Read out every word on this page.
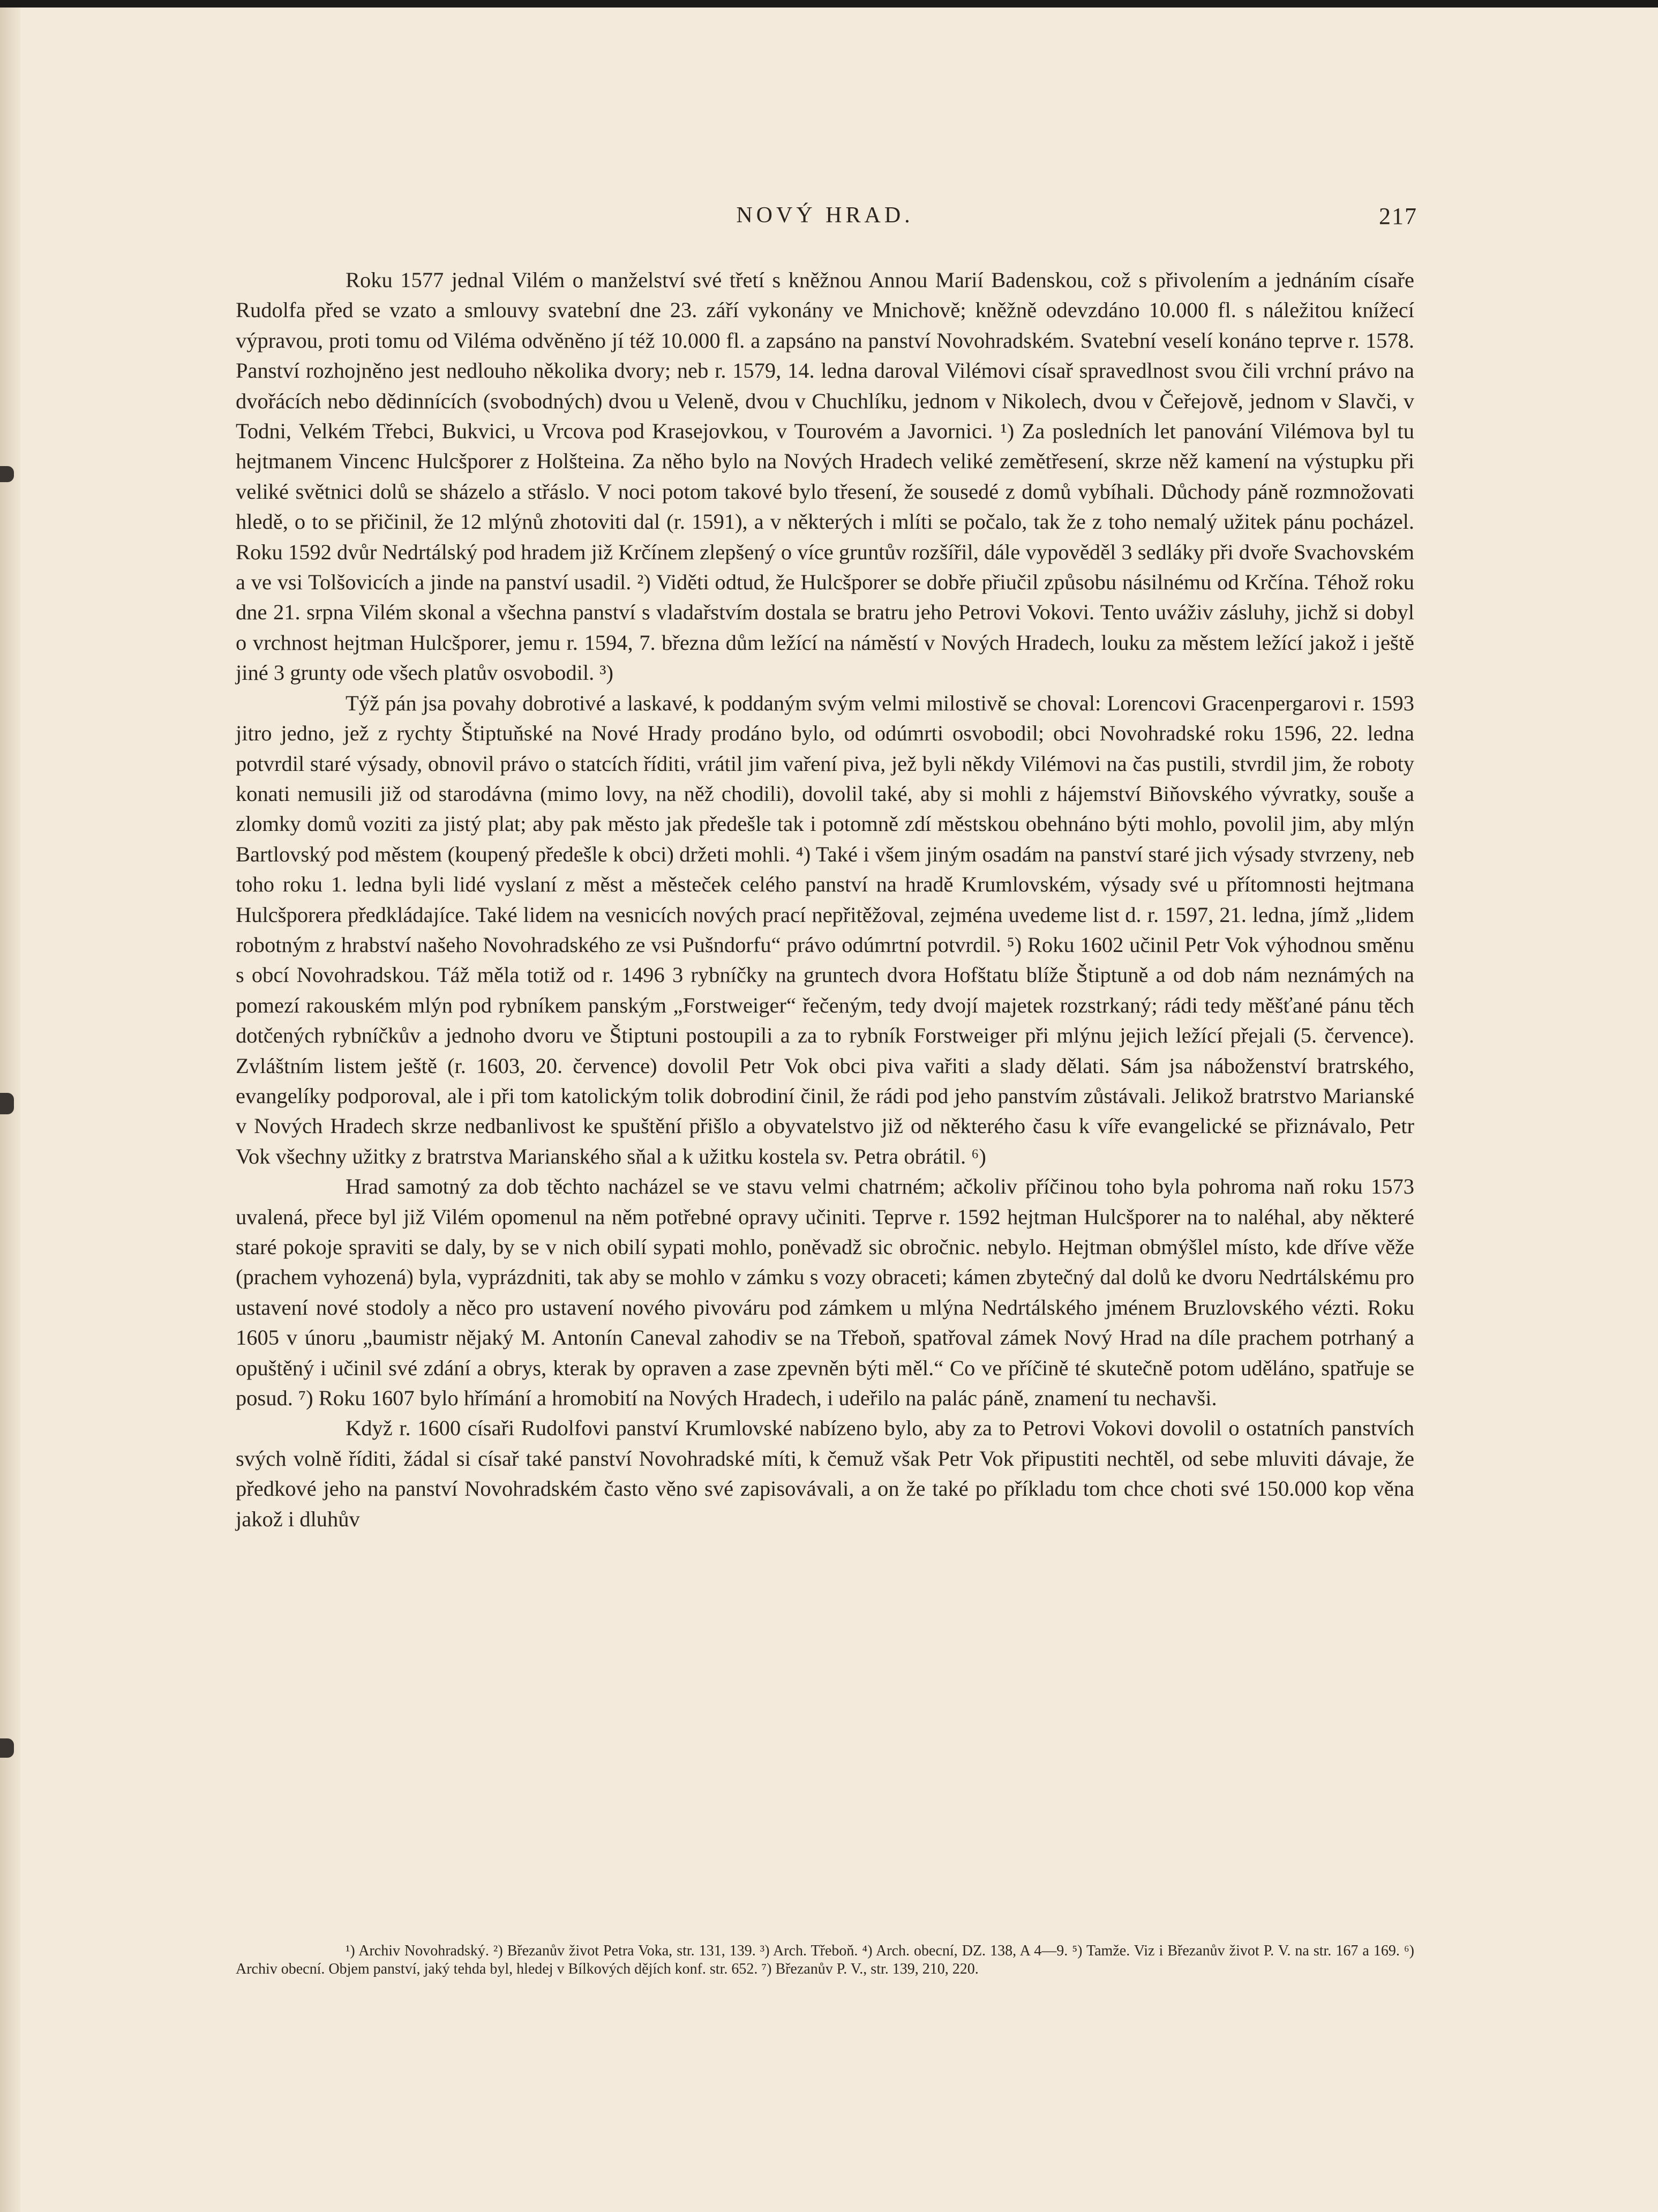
NOVÝ HRAD.	217

Roku 1577 jednal Vilém o manželství své třetí s kněžnou Annou Marií Badenskou, což s přivolením a jednáním císaře Rudolfa před se vzato a smlouvy svatební dne 23. září vykonány ve Mnichově; kněžně odevzdáno 10.000 fl. s náležitou knížecí výpravou, proti tomu od Viléma odvěněno jí též 10.000 fl. a zapsáno na panství Novohradském. Svatební veselí konáno teprve r. 1578. Panství rozhojněno jest nedlouho několika dvory; neb r. 1579, 14. ledna daroval Vilémovi císař spravedlnost svou čili vrchní právo na dvořácích nebo dědinnících (svobodných) dvou u Velenĕ, dvou v Chuchlíku, jednom v Nikolech, dvou v Čeřejově, jednom v Slavči, v Todni, Velkém Třebci, Bukvici, u Vrcova pod Krasejovkou, v Tourovém a Javornici. ¹) Za posledních let panování Vilémova byl tu hejtmanem Vincenc Hulcšporer z Holšteina. Za něho bylo na Nových Hradech veliké zemětřesení, skrze něž kamení na výstupku při veliké světnici dolů se sházelo a střáslo. V noci potom takové bylo třesení, že sousedé z domů vybíhali. Důchody páně rozmnožovati hledě, o to se přičinil, že 12 mlýnů zhotoviti dal (r. 1591), a v některých i mlíti se počalo, tak že z toho nemalý užitek pánu pocházel. Roku 1592 dvůr Nedrtálský pod hradem již Krčínem zlepšený o více gruntův rozšířil, dále vypověděl 3 sedláky při dvoře Svachovském a ve vsi Tolšovicích a jinde na panství usadil. ²) Viděti odtud, že Hulcšporer se dobře přiučil způsobu násilnému od Krčína. Téhož roku dne 21. srpna Vilém skonal a všechna panství s vladařstvím dostala se bratru jeho Petrovi Vokovi. Tento uváživ zásluhy, jichž si dobyl o vrchnost hejtman Hulcšporer, jemu r. 1594, 7. března dům ležící na náměstí v Nových Hradech, louku za městem ležící jakož i ještě jiné 3 grunty ode všech platův osvobodil. ³)

Týž pán jsa povahy dobrotivé a laskavé, k poddaným svým velmi milostivě se choval: Lorencovi Gracenpergarovi r. 1593 jitro jedno, jež z rychty Štiptuňské na Nové Hrady prodáno bylo, od odúmrti osvobodil; obci Novohradské roku 1596, 22. ledna potvrdil staré výsady, obnovil právo o statcích říditi, vrátil jim vaření piva, jež byli někdy Vilémovi na čas pustili, stvrdil jim, že roboty konati nemusili již od starodávna (mimo lovy, na něž chodili), dovolil také, aby si mohli z hájemství Biňovského vývratky, souše a zlomky domů voziti za jistý plat; aby pak město jak předešle tak i potomně zdí městskou obehnáno býti mohlo, povolil jim, aby mlýn Bartlovský pod městem (koupený předešle k obci) držeti mohli. ⁴) Také i všem jiným osadám na panství staré jich výsady stvrzeny, neb toho roku 1. ledna byli lidé vyslaní z měst a městeček celého panství na hradě Krumlovském, výsady své u přítomnosti hejtmana Hulcšporera předkládajíce. Také lidem na vesnicích nových prací nepřitěžoval, zejména uvedeme list d. r. 1597, 21. ledna, jímž „lidem robotným z hrabství našeho Novohradského ze vsi Pušndorfu“ právo odúmrtní potvrdil. ⁵) Roku 1602 učinil Petr Vok výhodnou směnu s obcí Novohradskou. Táž měla totiž od r. 1496 3 rybníčky na gruntech dvora Hofštatu blíže Štiptuně a od dob nám neznámých na pomezí rakouském mlýn pod rybníkem panským „Forstweiger“ řečeným, tedy dvojí majetek rozstrkaný; rádi tedy měšťané pánu těch dotčených rybníčkův a jednoho dvoru ve Štiptuni postoupili a za to rybník Forstweiger při mlýnu jejich ležící přejali (5. července). Zvláštním listem ještě (r. 1603, 20. července) dovolil Petr Vok obci piva vařiti a slady dělati. Sám jsa náboženství bratrského, evangelíky podporoval, ale i při tom katolickým tolik dobrodiní činil, že rádi pod jeho panstvím zůstávali. Jelikož bratrstvo Marianské v Nových Hradech skrze nedbanlivost ke spuštění přišlo a obyvatelstvo již od některého času k víře evangelické se přiznávalo, Petr Vok všechny užitky z bratrstva Marianského sňal a k užitku kostela sv. Petra obrátil. ⁶)

Hrad samotný za dob těchto nacházel se ve stavu velmi chatrném; ačkoliv příčinou toho byla pohroma naň roku 1573 uvalená, přece byl již Vilém opomenul na něm potřebné opravy učiniti. Teprve r. 1592 hejtman Hulcšporer na to naléhal, aby některé staré pokoje spraviti se daly, by se v nich obilí sypati mohlo, poněvadž sic obročnic. nebylo. Hejtman obmýšlel místo, kde dříve věže (prachem vyhozená) byla, vyprázdniti, tak aby se mohlo v zámku s vozy obraceti; kámen zbytečný dal dolů ke dvoru Nedrtálskému pro ustavení nové stodoly a něco pro ustavení nového pivováru pod zámkem u mlýna Nedrtálského jménem Bruzlovského vézti. Roku 1605 v únoru „baumistr nějaký M. Antonín Caneval zahodiv se na Třeboň, spatřoval zámek Nový Hrad na díle prachem potrhaný a opuštěný i učinil své zdání a obrys, kterak by opraven a zase zpevněn býti měl.“ Co ve příčině té skutečně potom uděláno, spatřuje se posud. ⁷) Roku 1607 bylo hřímání a hromobití na Nových Hradech, i udeřilo na palác páně, znamení tu nechavši.

Když r. 1600 císaři Rudolfovi panství Krumlovské nabízeno bylo, aby za to Petrovi Vokovi dovolil o ostatních panstvích svých volně říditi, žádal si císař také panství Novohradské míti, k čemuž však Petr Vok připustiti nechtěl, od sebe mluviti dávaje, že předkové jeho na panství Novohradském často věno své zapisovávali, a on že také po příkladu tom chce choti své 150.000 kop věna jakož i dluhův

¹) Archiv Novohradský. ²) Březanův život Petra Voka, str. 131, 139. ³) Arch. Třeboň. ⁴) Arch. obecní, DZ. 138, A 4—9. ⁵) Tamže. Viz i Březanův život P. V. na str. 167 a 169. ⁶) Archiv obecní. Objem panství, jaký tehda byl, hledej v Bílkových dějích konf. str. 652. ⁷) Březanův P. V., str. 139, 210, 220.
